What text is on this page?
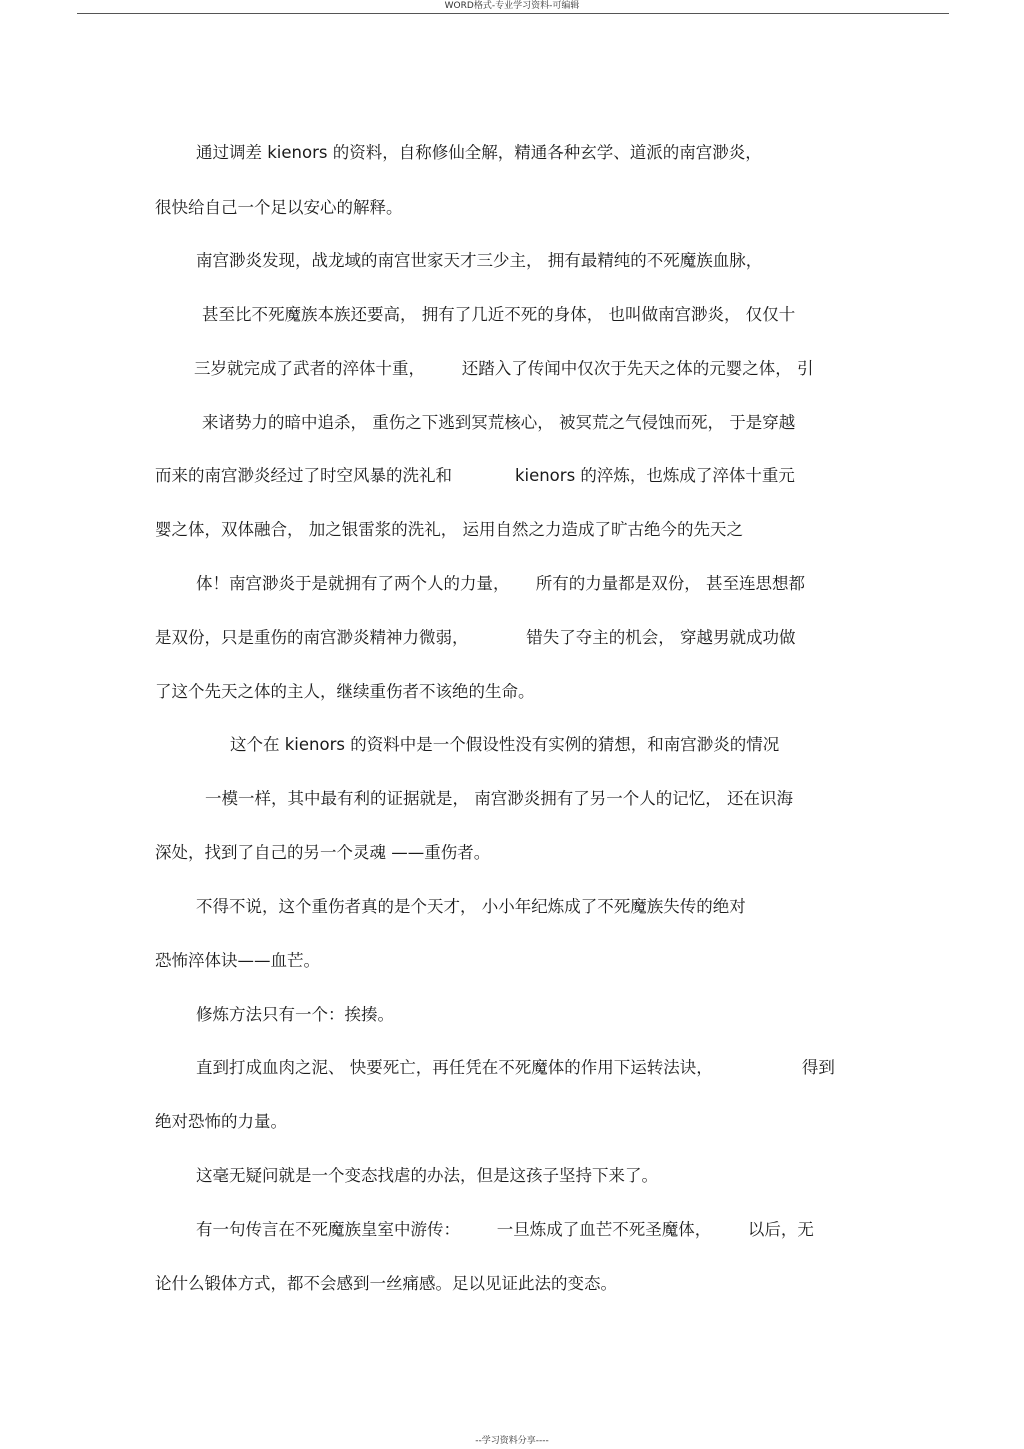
WORD格式-专业学习资料-可编辑
通过调差 kienors 的资料，自称修仙全解，精通各种玄学、道派的南宫渺炎，
很快给自己一个足以安心的解释。
南宫渺炎发现，战龙域的南宫世家天才三少主， 拥有最精纯的不死魔族血脉，
甚至比不死魔族本族还要高， 拥有了几近不死的身体， 也叫做南宫渺炎， 仅仅十
三岁就完成了武者的淬体十重，       还踏入了传闻中仅次于先天之体的元婴之体， 引
来诸势力的暗中追杀， 重伤之下逃到冥荒核心， 被冥荒之气侵蚀而死， 于是穿越
而来的南宫渺炎经过了时空风暴的洗礼和            kienors 的淬炼，也炼成了淬体十重元
婴之体，双体融合， 加之银雷浆的洗礼， 运用自然之力造成了旷古绝今的先天之
体！南宫渺炎于是就拥有了两个人的力量，     所有的力量都是双份， 甚至连思想都
是双份，只是重伤的南宫渺炎精神力微弱，           错失了夺主的机会， 穿越男就成功做
了这个先天之体的主人，继续重伤者不该绝的生命。
这个在 kienors 的资料中是一个假设性没有实例的猜想，和南宫渺炎的情况
一模一样，其中最有利的证据就是， 南宫渺炎拥有了另一个人的记忆， 还在识海
深处，找到了自己的另一个灵魂 ——重伤者。
不得不说，这个重伤者真的是个天才， 小小年纪炼成了不死魔族失传的绝对
恐怖淬体诀——血芒。
修炼方法只有一个：挨揍。
直到打成血肉之泥、 快要死亡，再任凭在不死魔体的作用下运转法诀，                 得到
绝对恐怖的力量。
这毫无疑问就是一个变态找虐的办法，但是这孩子坚持下来了。
有一句传言在不死魔族皇室中游传：       一旦炼成了血芒不死圣魔体，       以后，无
论什么锻体方式，都不会感到一丝痛感。足以见证此法的变态。
--学习资料分享----
